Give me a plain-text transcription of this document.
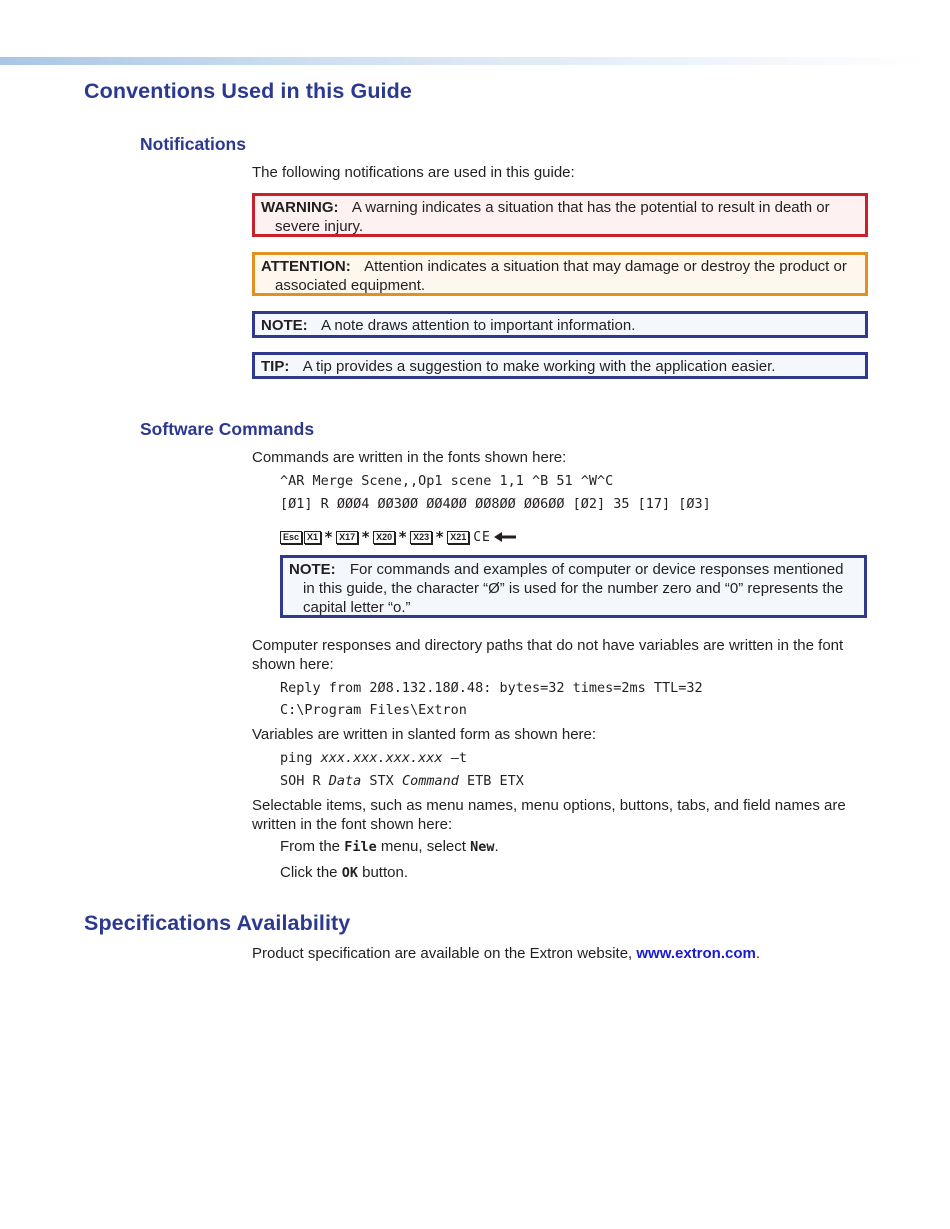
Conventions Used in this Guide
Notifications

The following notifications are used in this guide:

WARNING: A warning indicates a situation that has the potential to result in death or
severe injury.
ATTENTION: Attention indicates a situation that may damage or destroy the product or
associated equipment.
NOTE: A note draws attention to important information.
TIP: A tip provides a suggestion to make working with the application easier.
Software Commands

Commands are written in the fonts shown here:

^AR Merge Scene,,Op1 scene 1,1 ^B 51 ^W^C

[Ø1] R ØØØ4 ØØ3ØØ ØØ4ØØ ØØ8ØØ ØØ6ØØ [Ø2] 35 [17] [Ø3]

Esc X1 * X17 * X20 * X23 * X21 CE
NOTE: For commands and examples of computer or device responses mentioned
in this guide, the character “Ø” is used for the number zero and “0” represents the
capital letter “o.”

Computer responses and directory paths that do not have variables are written in the font

shown here:

Reply from 2Ø8.132.18Ø.48: bytes=32 times=2ms TTL=32

C:\Program Files\Extron

Variables are written in slanted form as shown here:

ping xxx.xxx.xxx.xxx —t

SOH R Data STX Command ETB ETX

Selectable items, such as menu names, menu options, buttons, tabs, and field names are

written in the font shown here:

From the File menu, select New.

Click the OK button.

Specifications Availability

Product specification are available on the Extron website, www.extron.com.
